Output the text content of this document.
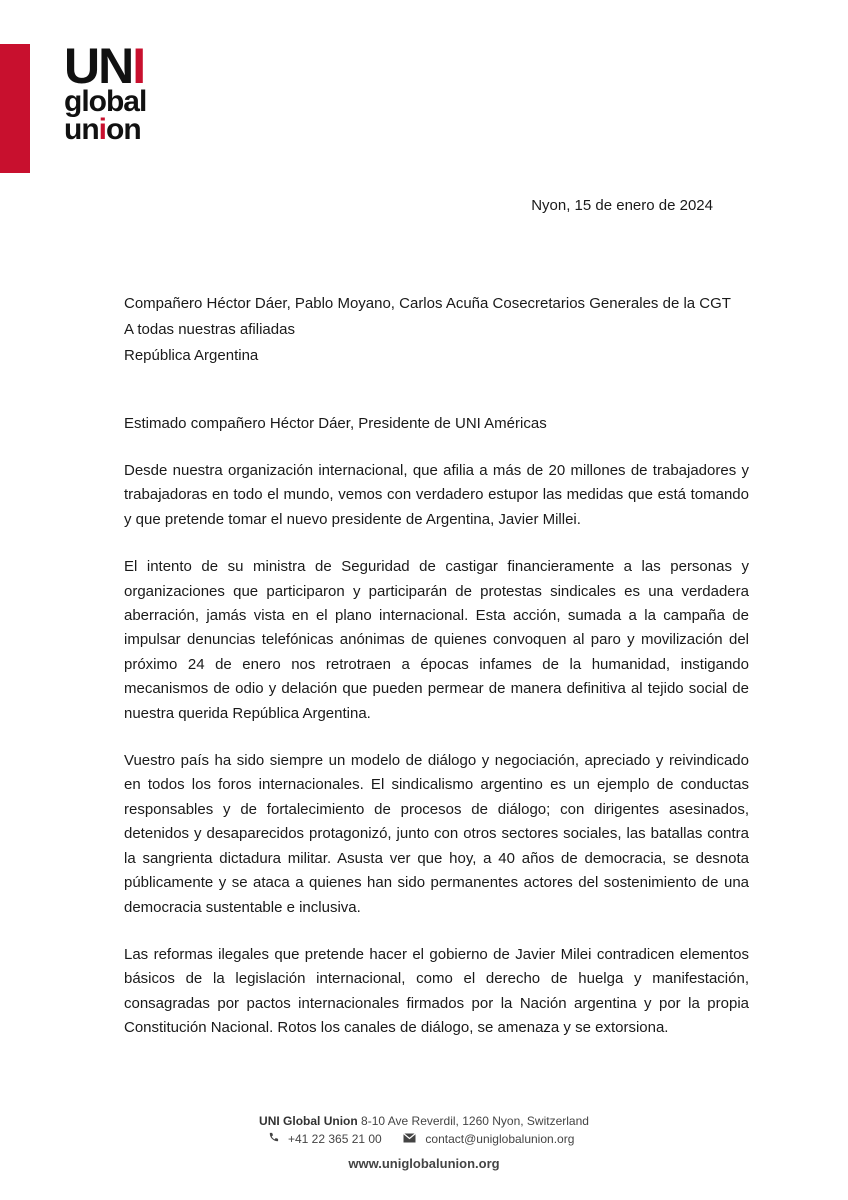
UNI
global
union
Nyon, 15 de enero de 2024
Compañero Héctor Dáer, Pablo Moyano, Carlos Acuña Cosecretarios Generales de la CGT
A todas nuestras afiliadas
República Argentina
Estimado compañero Héctor Dáer, Presidente de UNI Américas

Desde nuestra organización internacional, que afilia a más de 20 millones de trabajadores y trabajadoras en todo el mundo, vemos con verdadero estupor las medidas que está tomando y que pretende tomar el nuevo presidente de Argentina, Javier Millei.

El intento de su ministra de Seguridad de castigar financieramente a las personas y organizaciones que participaron y participarán de protestas sindicales es una verdadera aberración, jamás vista en el plano internacional. Esta acción, sumada a la campaña de impulsar denuncias telefónicas anónimas de quienes convoquen al paro y movilización del próximo 24 de enero nos retrotraen a épocas infames de la humanidad, instigando mecanismos de odio y delación que pueden permear de manera definitiva al tejido social de nuestra querida República Argentina.

Vuestro país ha sido siempre un modelo de diálogo y negociación, apreciado y reivindicado en todos los foros internacionales. El sindicalismo argentino es un ejemplo de conductas responsables y de fortalecimiento de procesos de diálogo; con dirigentes asesinados, detenidos y desaparecidos protagonizó, junto con otros sectores sociales, las batallas contra la sangrienta dictadura militar. Asusta ver que hoy, a 40 años de democracia, se desnota públicamente y se ataca a quienes han sido permanentes actores del sostenimiento de una democracia sustentable e inclusiva.

Las reformas ilegales que pretende hacer el gobierno de Javier Milei contradicen elementos básicos de la legislación internacional, como el derecho de huelga y manifestación, consagradas por pactos internacionales firmados por la Nación argentina y por la propia Constitución Nacional. Rotos los canales de diálogo, se amenaza y se extorsiona.

UNI Global Union 8-10 Ave Reverdil, 1260 Nyon, Switzerland
+41 22 365 21 00	contact@uniglobalunion.org
www.uniglobalunion.org
